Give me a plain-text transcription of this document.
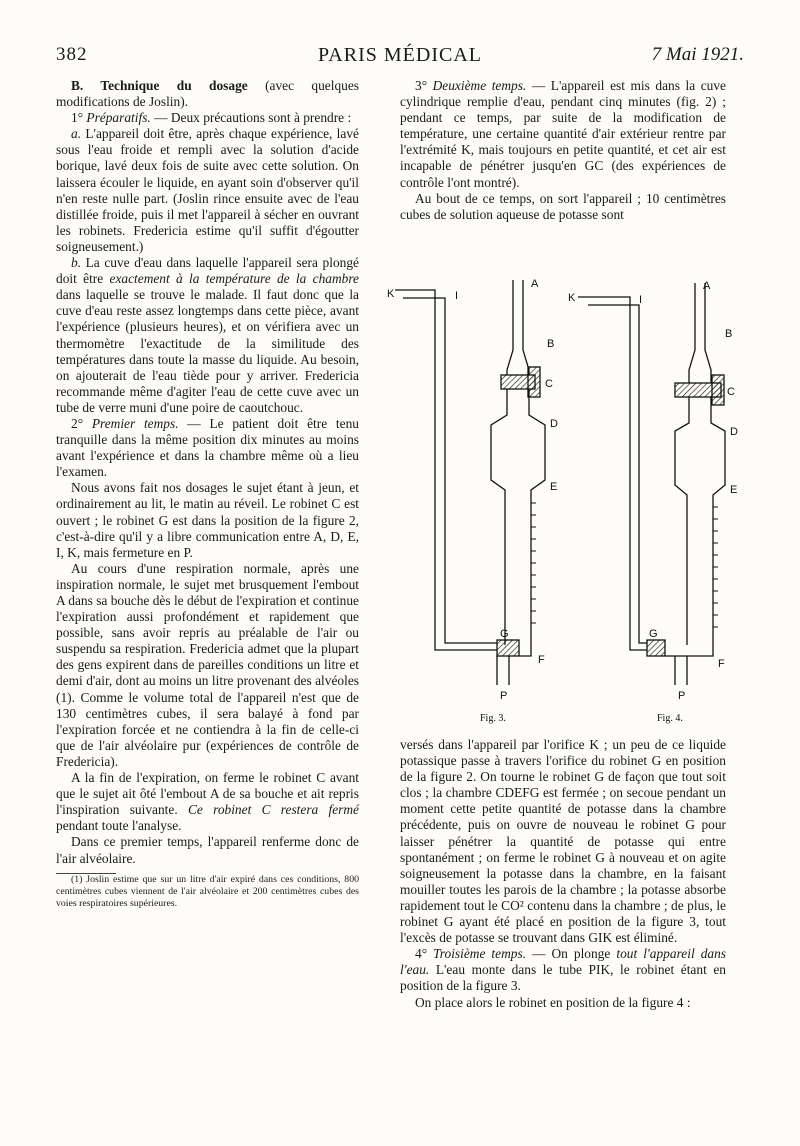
382	PARIS MÉDICAL	7 Mai 1921.

B. Technique du dosage (avec quelques modifications de Joslin).

1° Préparatifs. — Deux précautions sont à prendre :

a. L'appareil doit être, après chaque expérience, lavé sous l'eau froide et rempli avec la solution d'acide borique, lavé deux fois de suite avec cette solution. On laissera écouler le liquide, en ayant soin d'observer qu'il n'en reste nulle part. (Joslin rince ensuite avec de l'eau distillée froide, puis il met l'appareil à sécher en ouvrant les robinets. Fredericia estime qu'il suffit d'égoutter soigneusement.)

b. La cuve d'eau dans laquelle l'appareil sera plongé doit être exactement à la température de la chambre dans laquelle se trouve le malade. Il faut donc que la cuve d'eau reste assez longtemps dans cette pièce, avant l'expérience (plusieurs heures), et on vérifiera avec un thermomètre l'exactitude de la similitude des températures dans toute la masse du liquide. Au besoin, on ajouterait de l'eau tiède pour y arriver. Fredericia recommande même d'agiter l'eau de cette cuve avec un tube de verre muni d'une poire de caoutchouc.

2° Premier temps. — Le patient doit être tenu tranquille dans la même position dix minutes au moins avant l'expérience et dans la chambre même où a lieu l'examen.

Nous avons fait nos dosages le sujet étant à jeun, et ordinairement au lit, le matin au réveil. Le robinet C est ouvert ; le robinet G est dans la position de la figure 2, c'est-à-dire qu'il y a libre communication entre A, D, E, I, K, mais fermeture en P.

Au cours d'une respiration normale, après une inspiration normale, le sujet met brusquement l'embout A dans sa bouche dès le début de l'expiration et continue l'expiration aussi profondément et rapidement que possible, sans avoir repris au préalable de l'air ou suspendu sa respiration. Fredericia admet que la plupart des gens expirent dans de pareilles conditions un litre et demi d'air, dont au moins un litre provenant des alvéoles (1). Comme le volume total de l'appareil n'est que de 130 centimètres cubes, il sera balayé à fond par l'expiration forcée et ne contiendra à la fin de celle-ci que de l'air alvéolaire pur (expériences de contrôle de Fredericia).

A la fin de l'expiration, on ferme le robinet C avant que le sujet ait ôté l'embout A de sa bouche et ait repris l'inspiration suivante. Ce robinet C restera fermé pendant toute l'analyse.

Dans ce premier temps, l'appareil renferme donc de l'air alvéolaire.

(1) Joslin estime que sur un litre d'air expiré dans ces conditions, 800 centimètres cubes viennent de l'air alvéolaire et 200 centimètres cubes des voies respiratoires supérieures.

3° Deuxième temps. — L'appareil est mis dans la cuve cylindrique remplie d'eau, pendant cinq minutes (fig. 2) ; pendant ce temps, par suite de la modification de température, une certaine quantité d'air extérieur rentre par l'extrémité K, mais toujours en petite quantité, et cet air est incapable de pénétrer jusqu'en GC (des expériences de contrôle l'ont montré).

Au bout de ce temps, on sort l'appareil ; 10 centimètres cubes de solution aqueuse de potasse sont

K	I
A
B
C
D
E
F
G
P
K	I
A
B
C
D
E
F
G
P
Fig. 3.	Fig. 4.

versés dans l'appareil par l'orifice K ; un peu de ce liquide potassique passe à travers l'orifice du robinet G en position de la figure 2. On tourne le robinet G de façon que tout soit clos ; la chambre CDEFG est fermée ; on secoue pendant un moment cette petite quantité de potasse dans la chambre précédente, puis on ouvre de nouveau le robinet G pour laisser pénétrer la quantité de potasse qui entre spontanément ; on ferme le robinet G à nouveau et on agite soigneusement la potasse dans la chambre, en la faisant mouiller toutes les parois de la chambre ; la potasse absorbe rapidement tout le CO² contenu dans la chambre ; de plus, le robinet G ayant été placé en position de la figure 3, tout l'excès de potasse se trouvant dans GIK est éliminé.

4° Troisième temps. — On plonge tout l'appareil dans l'eau. L'eau monte dans le tube PIK, le robinet étant en position de la figure 3.

On place alors le robinet en position de la figure 4 :
